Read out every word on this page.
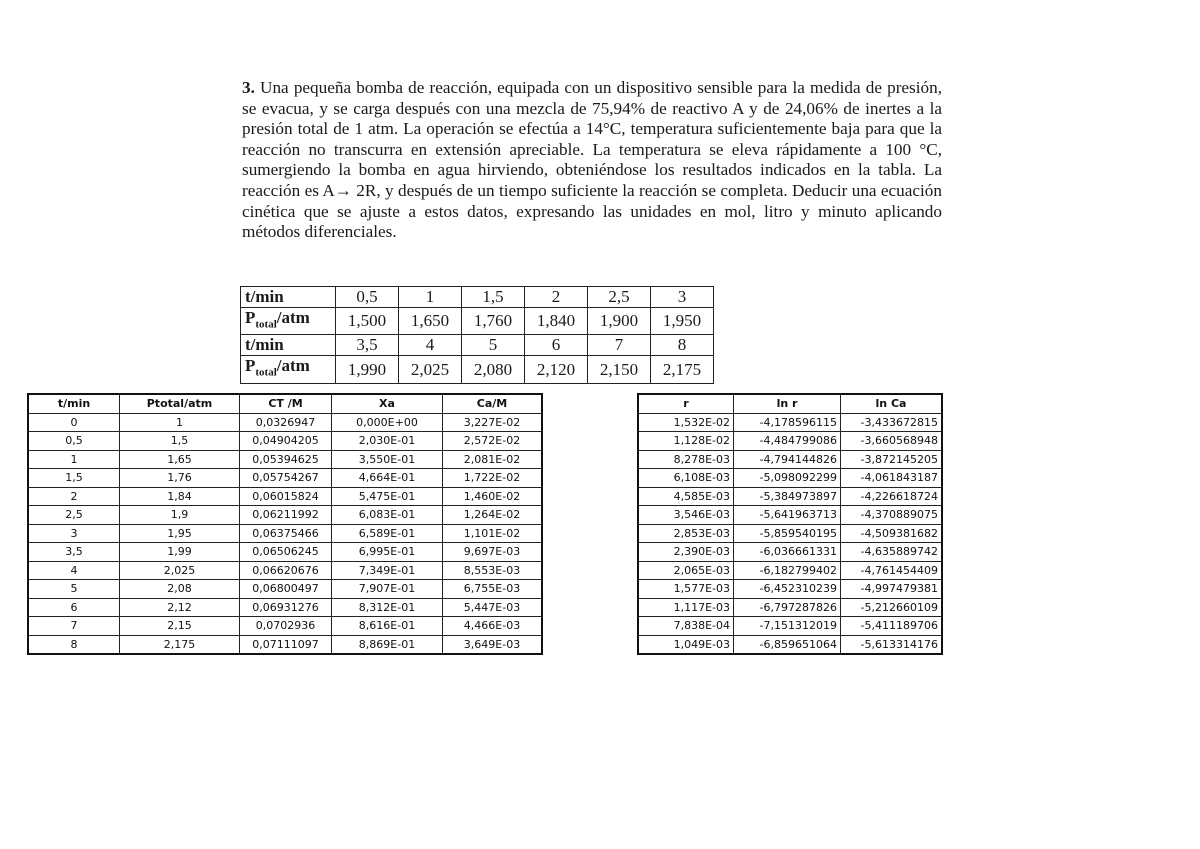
3. Una pequeña bomba de reacción, equipada con un dispositivo sensible para la medida de presión, se evacua, y se carga después con una mezcla de 75,94% de reactivo A y de 24,06% de inertes a la presión total de 1 atm. La operación se efectúa a 14°C, temperatura suficientemente baja para que la reacción no transcurra en extensión apreciable. La temperatura se eleva rápidamente a 100 °C, sumergiendo la bomba en agua hirviendo, obteniéndose los resultados indicados en la tabla. La reacción es A→ 2R, y después de un tiempo suficiente la reacción se completa. Deducir una ecuación cinética que se ajuste a estos datos, expresando las unidades en mol, litro y minuto aplicando métodos diferenciales.
t/min	0,5	1	1,5	2	2,5	3
$P_{total}$/atm	1,500	1,650	1,760	1,840	1,900	1,950
t/min	3,5	4	5	6	7	8
$P_{total}$/atm	1,990	2,025	2,080	2,120	2,150	2,175
t/min	Ptotal/atm	CT /M	Xa	Ca/M
0	1	0,0326947	0,000E+00	3,227E-02
0,5	1,5	0,04904205	2,030E-01	2,572E-02
1	1,65	0,05394625	3,550E-01	2,081E-02
1,5	1,76	0,05754267	4,664E-01	1,722E-02
2	1,84	0,06015824	5,475E-01	1,460E-02
2,5	1,9	0,06211992	6,083E-01	1,264E-02
3	1,95	0,06375466	6,589E-01	1,101E-02
3,5	1,99	0,06506245	6,995E-01	9,697E-03
4	2,025	0,06620676	7,349E-01	8,553E-03
5	2,08	0,06800497	7,907E-01	6,755E-03
6	2,12	0,06931276	8,312E-01	5,447E-03
7	2,15	0,0702936	8,616E-01	4,466E-03
8	2,175	0,07111097	8,869E-01	3,649E-03
r	ln r	ln Ca
1,532E-02	-4,178596115	-3,433672815
1,128E-02	-4,484799086	-3,660568948
8,278E-03	-4,794144826	-3,872145205
6,108E-03	-5,098092299	-4,061843187
4,585E-03	-5,384973897	-4,226618724
3,546E-03	-5,641963713	-4,370889075
2,853E-03	-5,859540195	-4,509381682
2,390E-03	-6,036661331	-4,635889742
2,065E-03	-6,182799402	-4,761454409
1,577E-03	-6,452310239	-4,997479381
1,117E-03	-6,797287826	-5,212660109
7,838E-04	-7,151312019	-5,411189706
1,049E-03	-6,859651064	-5,613314176
